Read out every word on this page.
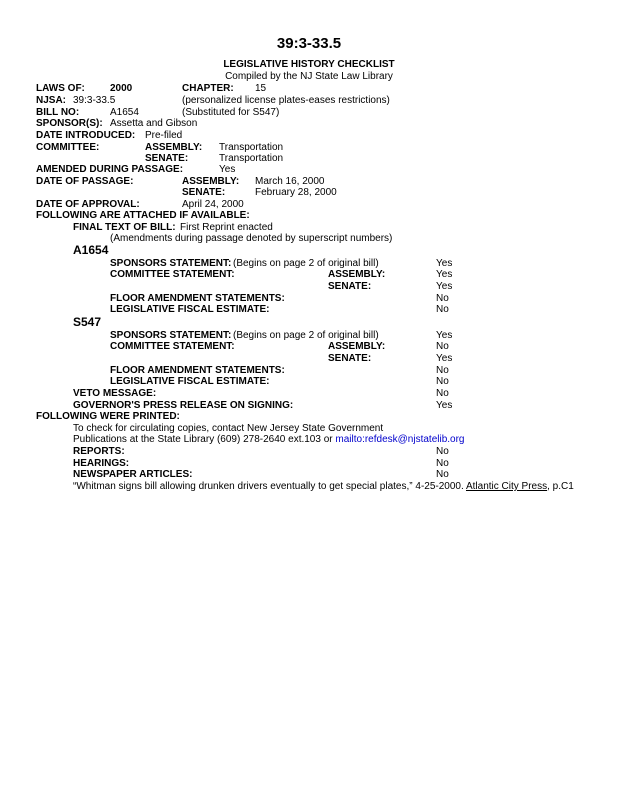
39:3-33.5
LEGISLATIVE HISTORY CHECKLIST
Compiled by the NJ State Law Library
LAWS OF:	2000	CHAPTER: 15
NJSA: 39:3-33.5	(personalized license plates-eases restrictions)
BILL NO:	A1654	(Substituted for S547)
SPONSOR(S): Assetta and Gibson
DATE INTRODUCED: Pre-filed
COMMITTEE:	ASSEMBLY: Transportation
SENATE:	Transportation
AMENDED DURING PASSAGE:	Yes
DATE OF PASSAGE:	ASSEMBLY: March 16, 2000
SENATE:	February 28, 2000
DATE OF APPROVAL:	April 24, 2000
FOLLOWING ARE ATTACHED IF AVAILABLE:
FINAL TEXT OF BILL: First Reprint enacted
(Amendments during passage denoted by superscript numbers)
A1654
SPONSORS STATEMENT: (Begins on page 2 of original bill)	Yes
COMMITTEE STATEMENT:	ASSEMBLY:	Yes
SENATE:	Yes
FLOOR AMENDMENT STATEMENTS:	No
LEGISLATIVE FISCAL ESTIMATE:	No
S547
SPONSORS STATEMENT: (Begins on page 2 of original bill)	Yes
COMMITTEE STATEMENT:	ASSEMBLY:	No
SENATE:	Yes
FLOOR AMENDMENT STATEMENTS:	No
LEGISLATIVE FISCAL ESTIMATE:	No
VETO MESSAGE:	No
GOVERNOR'S PRESS RELEASE ON SIGNING:	Yes
FOLLOWING WERE PRINTED:
To check for circulating copies, contact New Jersey State Government
Publications at the State Library (609) 278-2640 ext.103 or mailto:refdesk@njstatelib.org
REPORTS:	No
HEARINGS:	No
NEWSPAPER ARTICLES:	No
“Whitman signs bill allowing drunken drivers eventually to get special plates,” 4-25-2000. Atlantic City Press, p.C1
